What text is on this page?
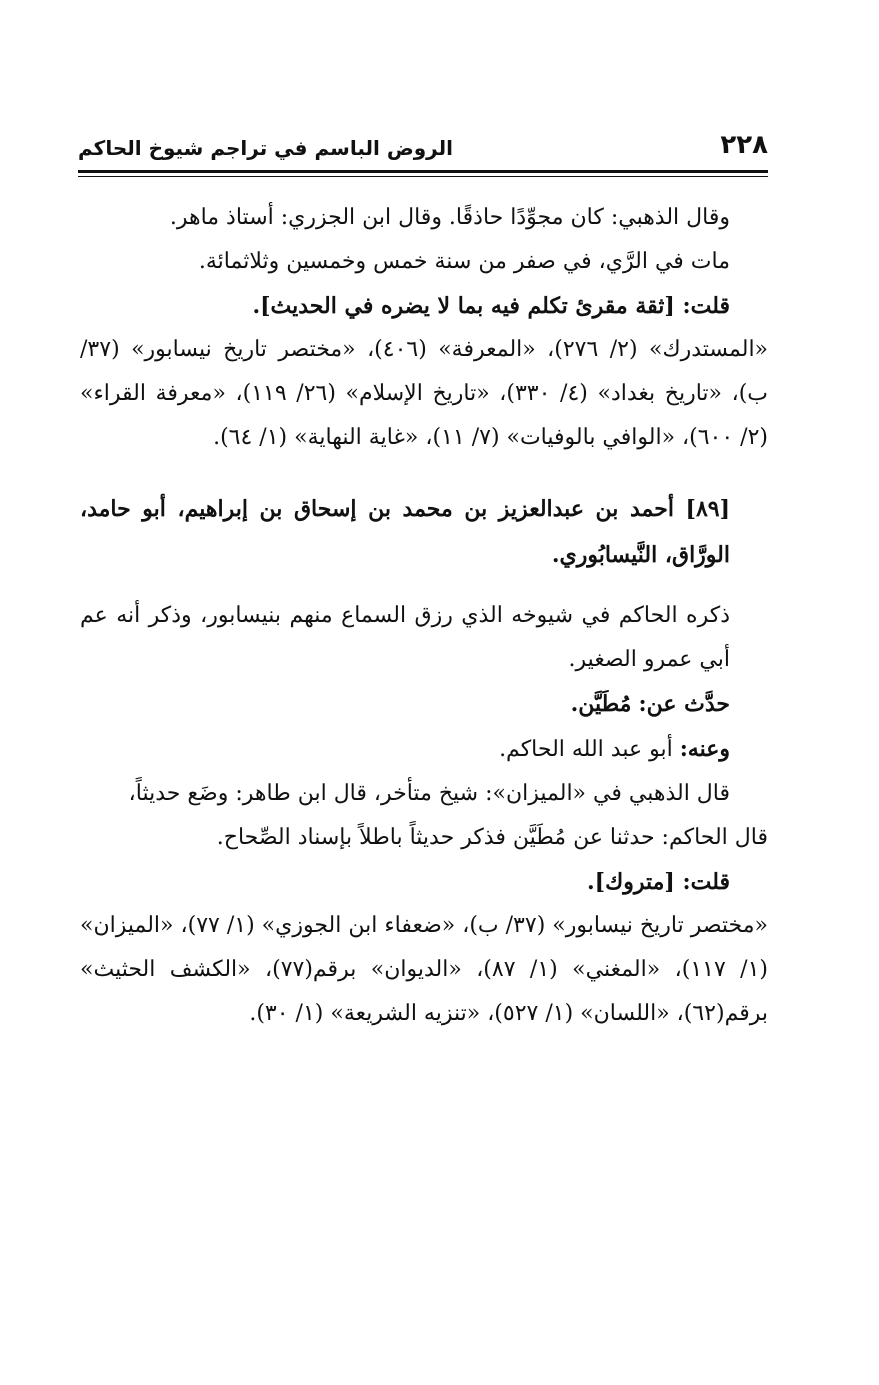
٢٢٨
الروض الباسم في تراجم شيوخ الحاكم

وقال الذهبي: كان مجوِّدًا حاذقًا. وقال ابن الجزري: أستاذ ماهر.

مات في الرَّي، في صفر من سنة خمس وخمسين وثلاثمائة.

قلت: [ثقة مقرئ تكلم فيه بما لا يضره في الحديث].

«المستدرك» (٢/ ٢٧٦)، «المعرفة» (٤٠٦)، «مختصر تاريخ نيسابور» (٣٧/ ب)، «تاريخ بغداد» (٤/ ٣٣٠)، «تاريخ الإسلام» (٢٦/ ١١٩)، «معرفة القراء» (٢/ ٦٠٠)، «الوافي بالوفيات» (٧/ ١١)، «غاية النهاية» (١/ ٦٤).

[٨٩] أحمد بن عبدالعزيز بن محمد بن إسحاق بن إبراهيم، أبو حامد، الورَّاق، النَّيسابُوري.

ذكره الحاكم في شيوخه الذي رزق السماع منهم بنيسابور، وذكر أنه عم أبي عمرو الصغير.

حدَّث عن: مُطَيَّن.

وعنه: أبو عبد الله الحاكم.

قال الذهبي في «الميزان»: شيخ متأخر، قال ابن طاهر: وضَع حديثاً،

قال الحاكم: حدثنا عن مُطَيَّن فذكر حديثاً باطلاً بإسناد الصِّحاح.

قلت: [متروك].

«مختصر تاريخ نيسابور» (٣٧/ ب)، «ضعفاء ابن الجوزي» (١/ ٧٧)، «الميزان» (١/ ١١٧)، «المغني» (١/ ٨٧)، «الديوان» برقم(٧٧)، «الكشف الحثيث» برقم(٦٢)، «اللسان» (١/ ٥٢٧)، «تنزيه الشريعة» (١/ ٣٠).
